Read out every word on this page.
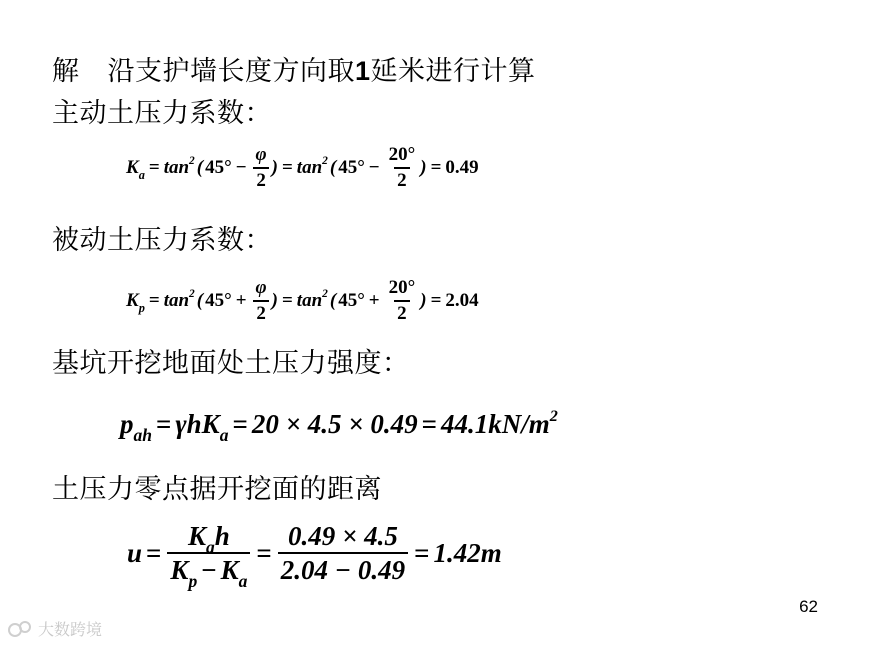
解 沿支护墙长度方向取1延米进行计算
主动土压力系数：
$K_a = \tan^2$ ( $45^\circ - \frac{\varphi}{2}$ ) = $\tan^2$ ( $45^\circ - \frac{20^\circ}{2}$ ) = 0.49
被动土压力系数：
$K_p = \tan^2$ ( $45^\circ + \frac{\varphi}{2}$ ) = $\tan^2$ ( $45^\circ + \frac{20^\circ}{2}$ ) = 2.04
基坑开挖地面处土压力强度：
$p_{ah} = \gamma hK_a = 20 \times 4.5 \times 0.49 = 44.1kN/m^2$
土压力零点据开挖面的距离
$u = \frac{K_ah}{K_p - K_a} = \frac{0.49 \times 4.5}{2.04 - 0.49} = 1.42m$
62
大数跨境
